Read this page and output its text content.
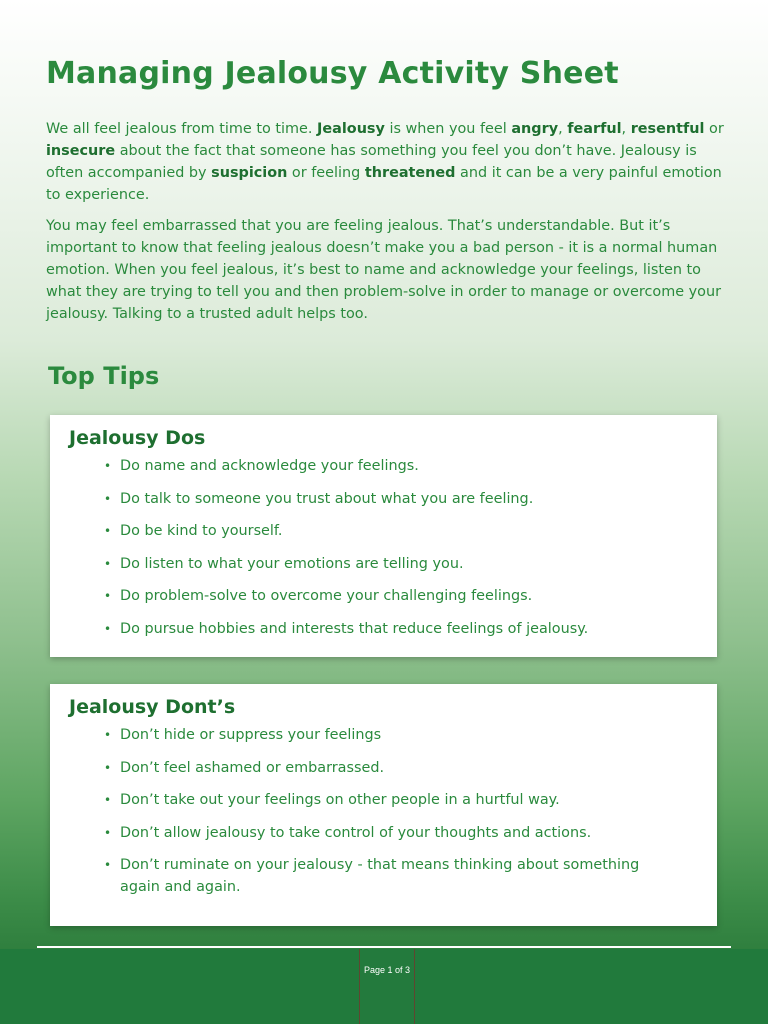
Managing Jealousy Activity Sheet

We all feel jealous from time to time. Jealousy is when you feel angry, fearful, resentful or insecure about the fact that someone has something you feel you don’t have. Jealousy is often accompanied by suspicion or feeling threatened and it can be a very painful emotion to experience.

You may feel embarrassed that you are feeling jealous. That’s understandable. But it’s important to know that feeling jealous doesn’t make you a bad person - it is a normal human emotion. When you feel jealous, it’s best to name and acknowledge your feelings, listen to what they are trying to tell you and then problem-solve in order to manage or overcome your jealousy. Talking to a trusted adult helps too.

Top Tips
Jealousy Dos
• Do name and acknowledge your feelings.
• Do talk to someone you trust about what you are feeling.
• Do be kind to yourself.
• Do listen to what your emotions are telling you.
• Do problem-solve to overcome your challenging feelings.
• Do pursue hobbies and interests that reduce feelings of jealousy.
Jealousy Dont’s
• Don’t hide or suppress your feelings
• Don’t feel ashamed or embarrassed.
• Don’t take out your feelings on other people in a hurtful way.
• Don’t allow jealousy to take control of your thoughts and actions.
• Don’t ruminate on your jealousy - that means thinking about something again and again.
Page 1 of 3
